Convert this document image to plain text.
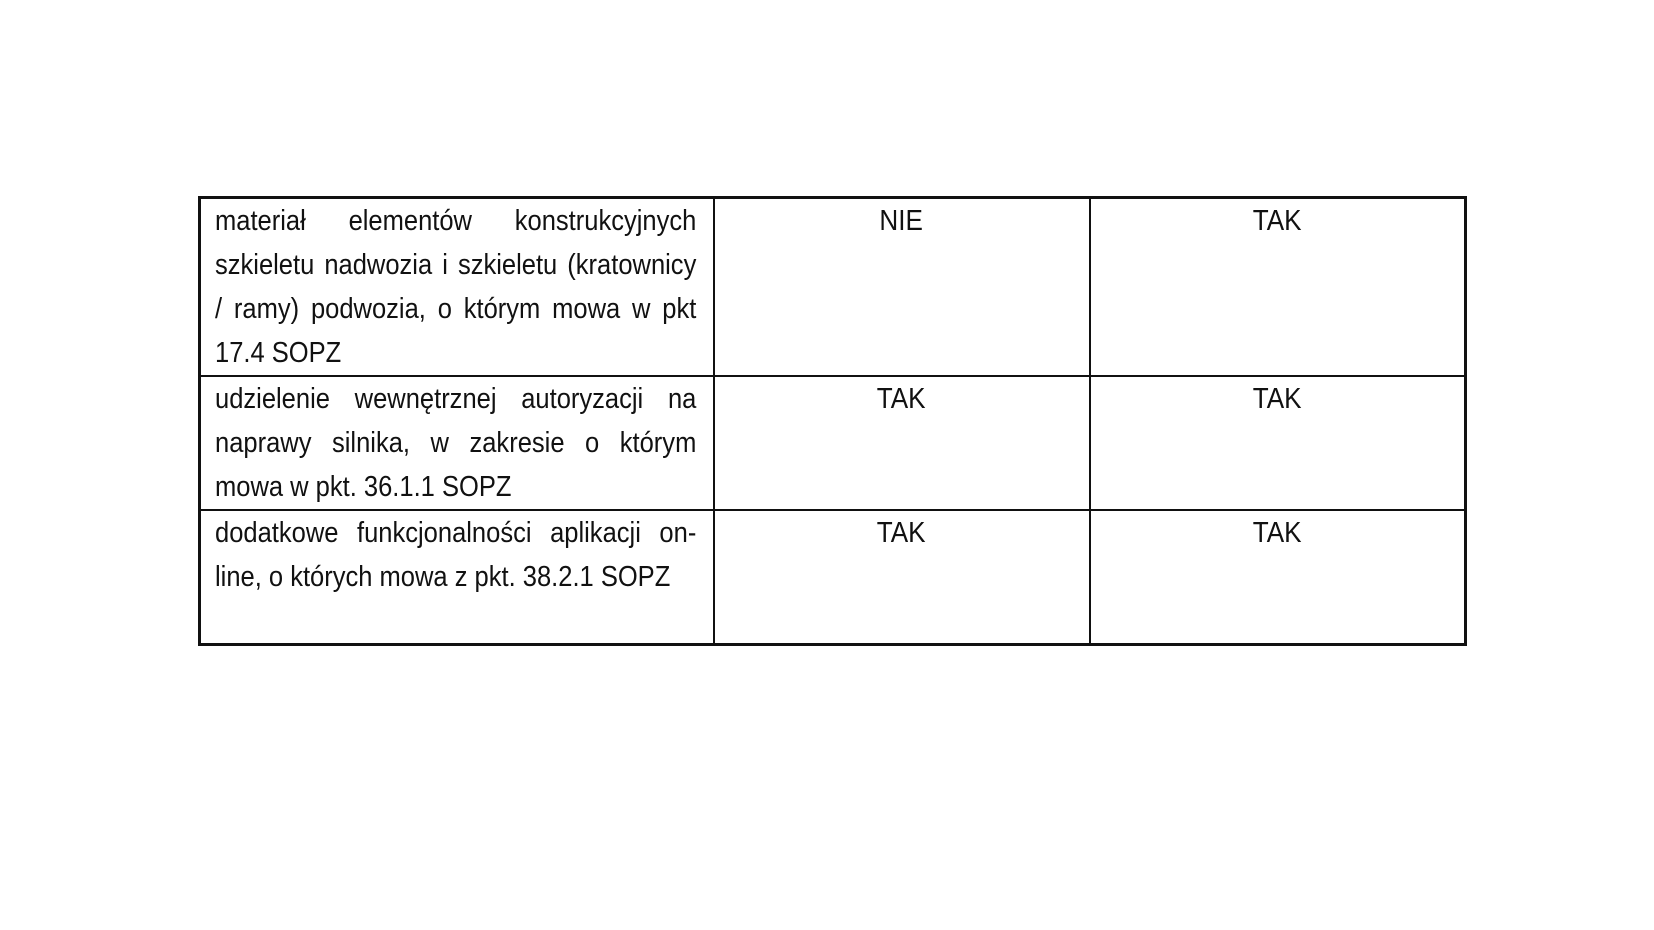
materiał elementów konstrukcyjnych szkieletu nadwozia i szkieletu (kratownicy / ramy) podwozia, o którym mowa w pkt 17.4 SOPZ	NIE	TAK

udzielenie wewnętrznej autoryzacji na naprawy silnika, w zakresie o którym mowa w pkt. 36.1.1 SOPZ	TAK	TAK

dodatkowe funkcjonalności aplikacji on-line, o których mowa z pkt. 38.2.1 SOPZ	TAK	TAK
